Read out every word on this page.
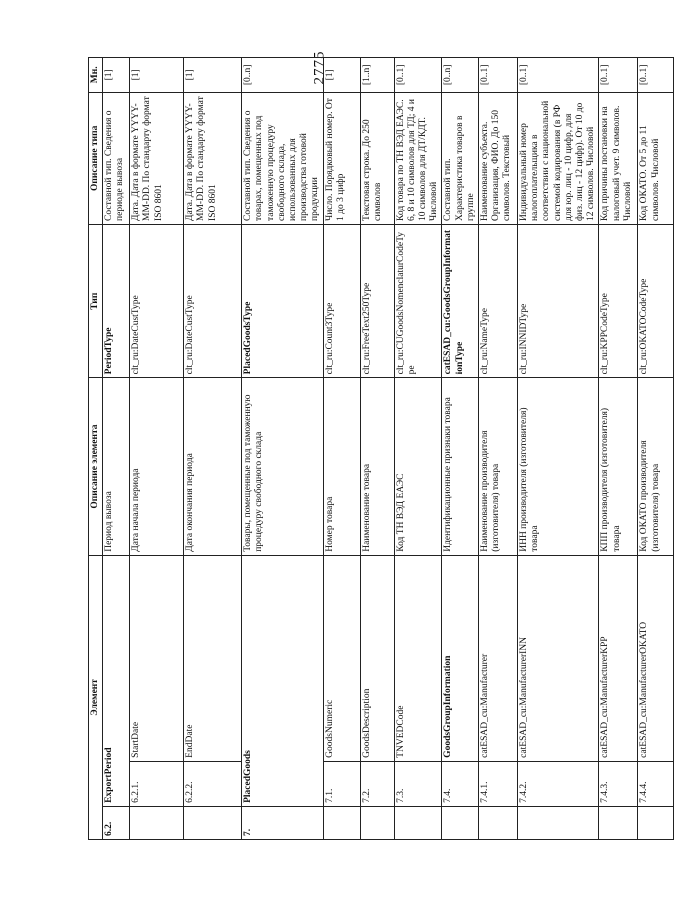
2775
Элемент			Описание элемента	Тип	Описание типа	Мн.
6.2.	ExportPeriod		Период вывоза	PeriodType	Составной тип. Сведения о периоде вывоза	[1]
	6.2.1.	StartDate	Дата начала периода	clt_ru:DateCustType	Дата. Дата в формате YYYY-MM-DD. По стандарту формат ISO 8601	[1]
	6.2.2.	EndDate	Дата окончания периода	clt_ru:DateCustType	Дата. Дата в формате YYYY-MM-DD. По стандарту формат ISO 8601	[1]
7.	PlacedGoods		Товары, помещенные под таможенную процедуру свободного склада	PlacedGoodsType	Составной тип. Сведения о товарах, помещенных под таможенную процедуру свободного склада, использованных для производства готовой продукции	[0..n]
	7.1.	GoodsNumeric	Номер товара	clt_ru:Count3Type	Число. Порядковый номер. От 1 до 3 цифр	[1]
	7.2.	GoodsDescription	Наименование товара	clt_ru:FreeText250Type	Текстовая строка. До 250 символов	[1..n]
	7.3.	TNVEDCode	Код ТН ВЭД ЕАЭС	clt_ru:CUGoodsNomenclaturCodeType	Код товара по ТН ВЭД ЕАЭС. 6, 8 и 10 символов для ТД; 4 и 10 символов для ДТ/КДТ. Числовой	[0..1]
	7.4.	GoodsGroupInformation	Идентификационные признаки товара	catESAD_cu:GoodsGroupInformationType	Составной тип. Характеристика товаров в группе	[0..n]
	7.4.1.	catESAD_cu:Manufacturer	Наименование производителя (изготовителя) товара	clt_ru:NameType	Наименование субъекта. Организация, ФИО. До 150 символов. Текстовый	[0..1]
	7.4.2.	catESAD_cu:ManufacturerINN	ИНН производителя (изготовителя) товара	clt_ru:INNIDType	Индивидуальный номер налогоплательщика в соответствии с национальной системой кодирования (в РФ для юр. лиц - 10 цифр, для физ. лиц - 12 цифр). От 10 до 12 символов. Числовой	[0..1]
	7.4.3.	catESAD_cu:ManufacturerKPP	КПП производителя (изготовителя) товара	clt_ru:KPPCodeType	Код причины постановки на налоговый учет. 9 символов. Числовой	[0..1]
	7.4.4.	catESAD_cu:ManufacturerOKATO	Код ОКАТО производителя (изготовителя) товара	clt_ru:OKATOCodeType	Код ОКАТО. От 5 до 11 символов. Числовой	[0..1]
